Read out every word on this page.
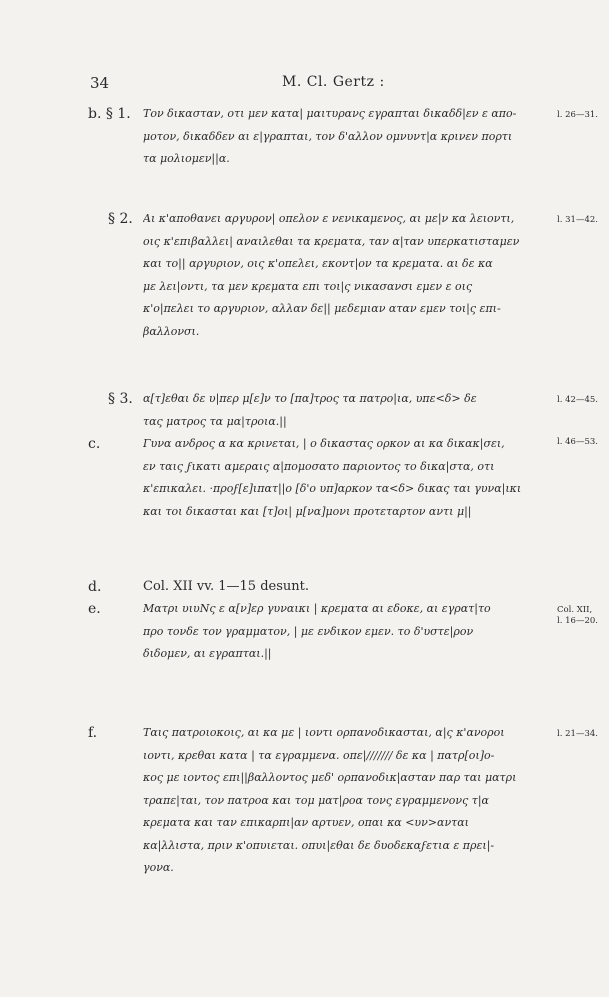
34	M. Cl. Gertz :
b. § 1. Τον δικασταν, οτι μεν κατα| μαιτυρανς εγραπται δικαδδ|εν ε απο-
μοτον, δικαδδεν αι ε|γραπται, τον δ'αλλον ομνυντ|α κρινεν πορτι
τα μολιομεν||α.
l. 26—31.
§ 2. Αι κ'αποθανει αργυρον| οπελον ε νενικαμενος, αι με|ν κα λειοντι,
οις κ'επιβαλλει| αναιλεθαι τα κρεματα, ταν α|ταν υπερκατισταμεν
και το|| αργυριον, οις κ'οπελει, εκοντ|ον τα κρεματα. αι δε κα
με λει|οντι, τα μεν κρεματα επι τοι|ς νικασανσι εμεν ε οις
κ'ο|πελει το αργυριον, αλλαν δε|| μεδεμιαν αταν εμεν τοι|ς επι-
βαλλονσι.
l. 31—42.
§ 3. α[τ]εθαι δε υ|περ μ[ε]ν το [πα]τρος τα πατρο|ια, υπε<δ> δε
τας ματρος τα μα|τροια.||
l. 42—45.
c.	Γυνα ανδρος α κα κρινεται, | ο δικαστας ορκον αι κα δικακ|σει,
εν ταις ϝικατι αμεραις α|πομοσατο παριοντος το δικα|στα, οτι
κ'επικαλει. ·προϝ[ε]ιπατ||ο [δ'ο υπ]αρκον τα<δ> δικας ται γυνα|ικι
και τοι δικασται και [τ]οι| μ[να]μονι προτεταρτον αντι μ||
l. 46—53.
d.	Col. XII vv. 1—15 desunt.
e.	Ματρι υιυΝς ε α[ν]ερ γυναικι | κρεματα αι εδοκε, αι εγρατ|το
προ τονδε τον γραμματον, | με ενδικον εμεν. το δ'υστε|ρον
διδομεν, αι εγραπται.||
Col. XII,
l. 16—20.
f.	Ταις πατροιοκοις, αι κα με | ιοντι ορπανοδικασται, α|ς κ'ανοροι
ιοντι, κρεθαι κατα | τα εγραμμενα. οπε|/////// δε κα | πατρ[οι]ο-
κος με ιοντος επι||βαλλοντος μεδ' ορπανοδικ|ασταν παρ ται ματρι
τραπε|ται, τον πατροα και τομ ματ|ροα τονς εγραμμενονς τ|α
κρεματα και ταν επικαρπι|αν αρτυεν, οπαι κα <υν>ανται
κα|λλιστα, πριν κ'οπυιεται. οπυι|εθαι δε δυοδεκαϝετια ε πρει|-
γονα.
l. 21—34.
